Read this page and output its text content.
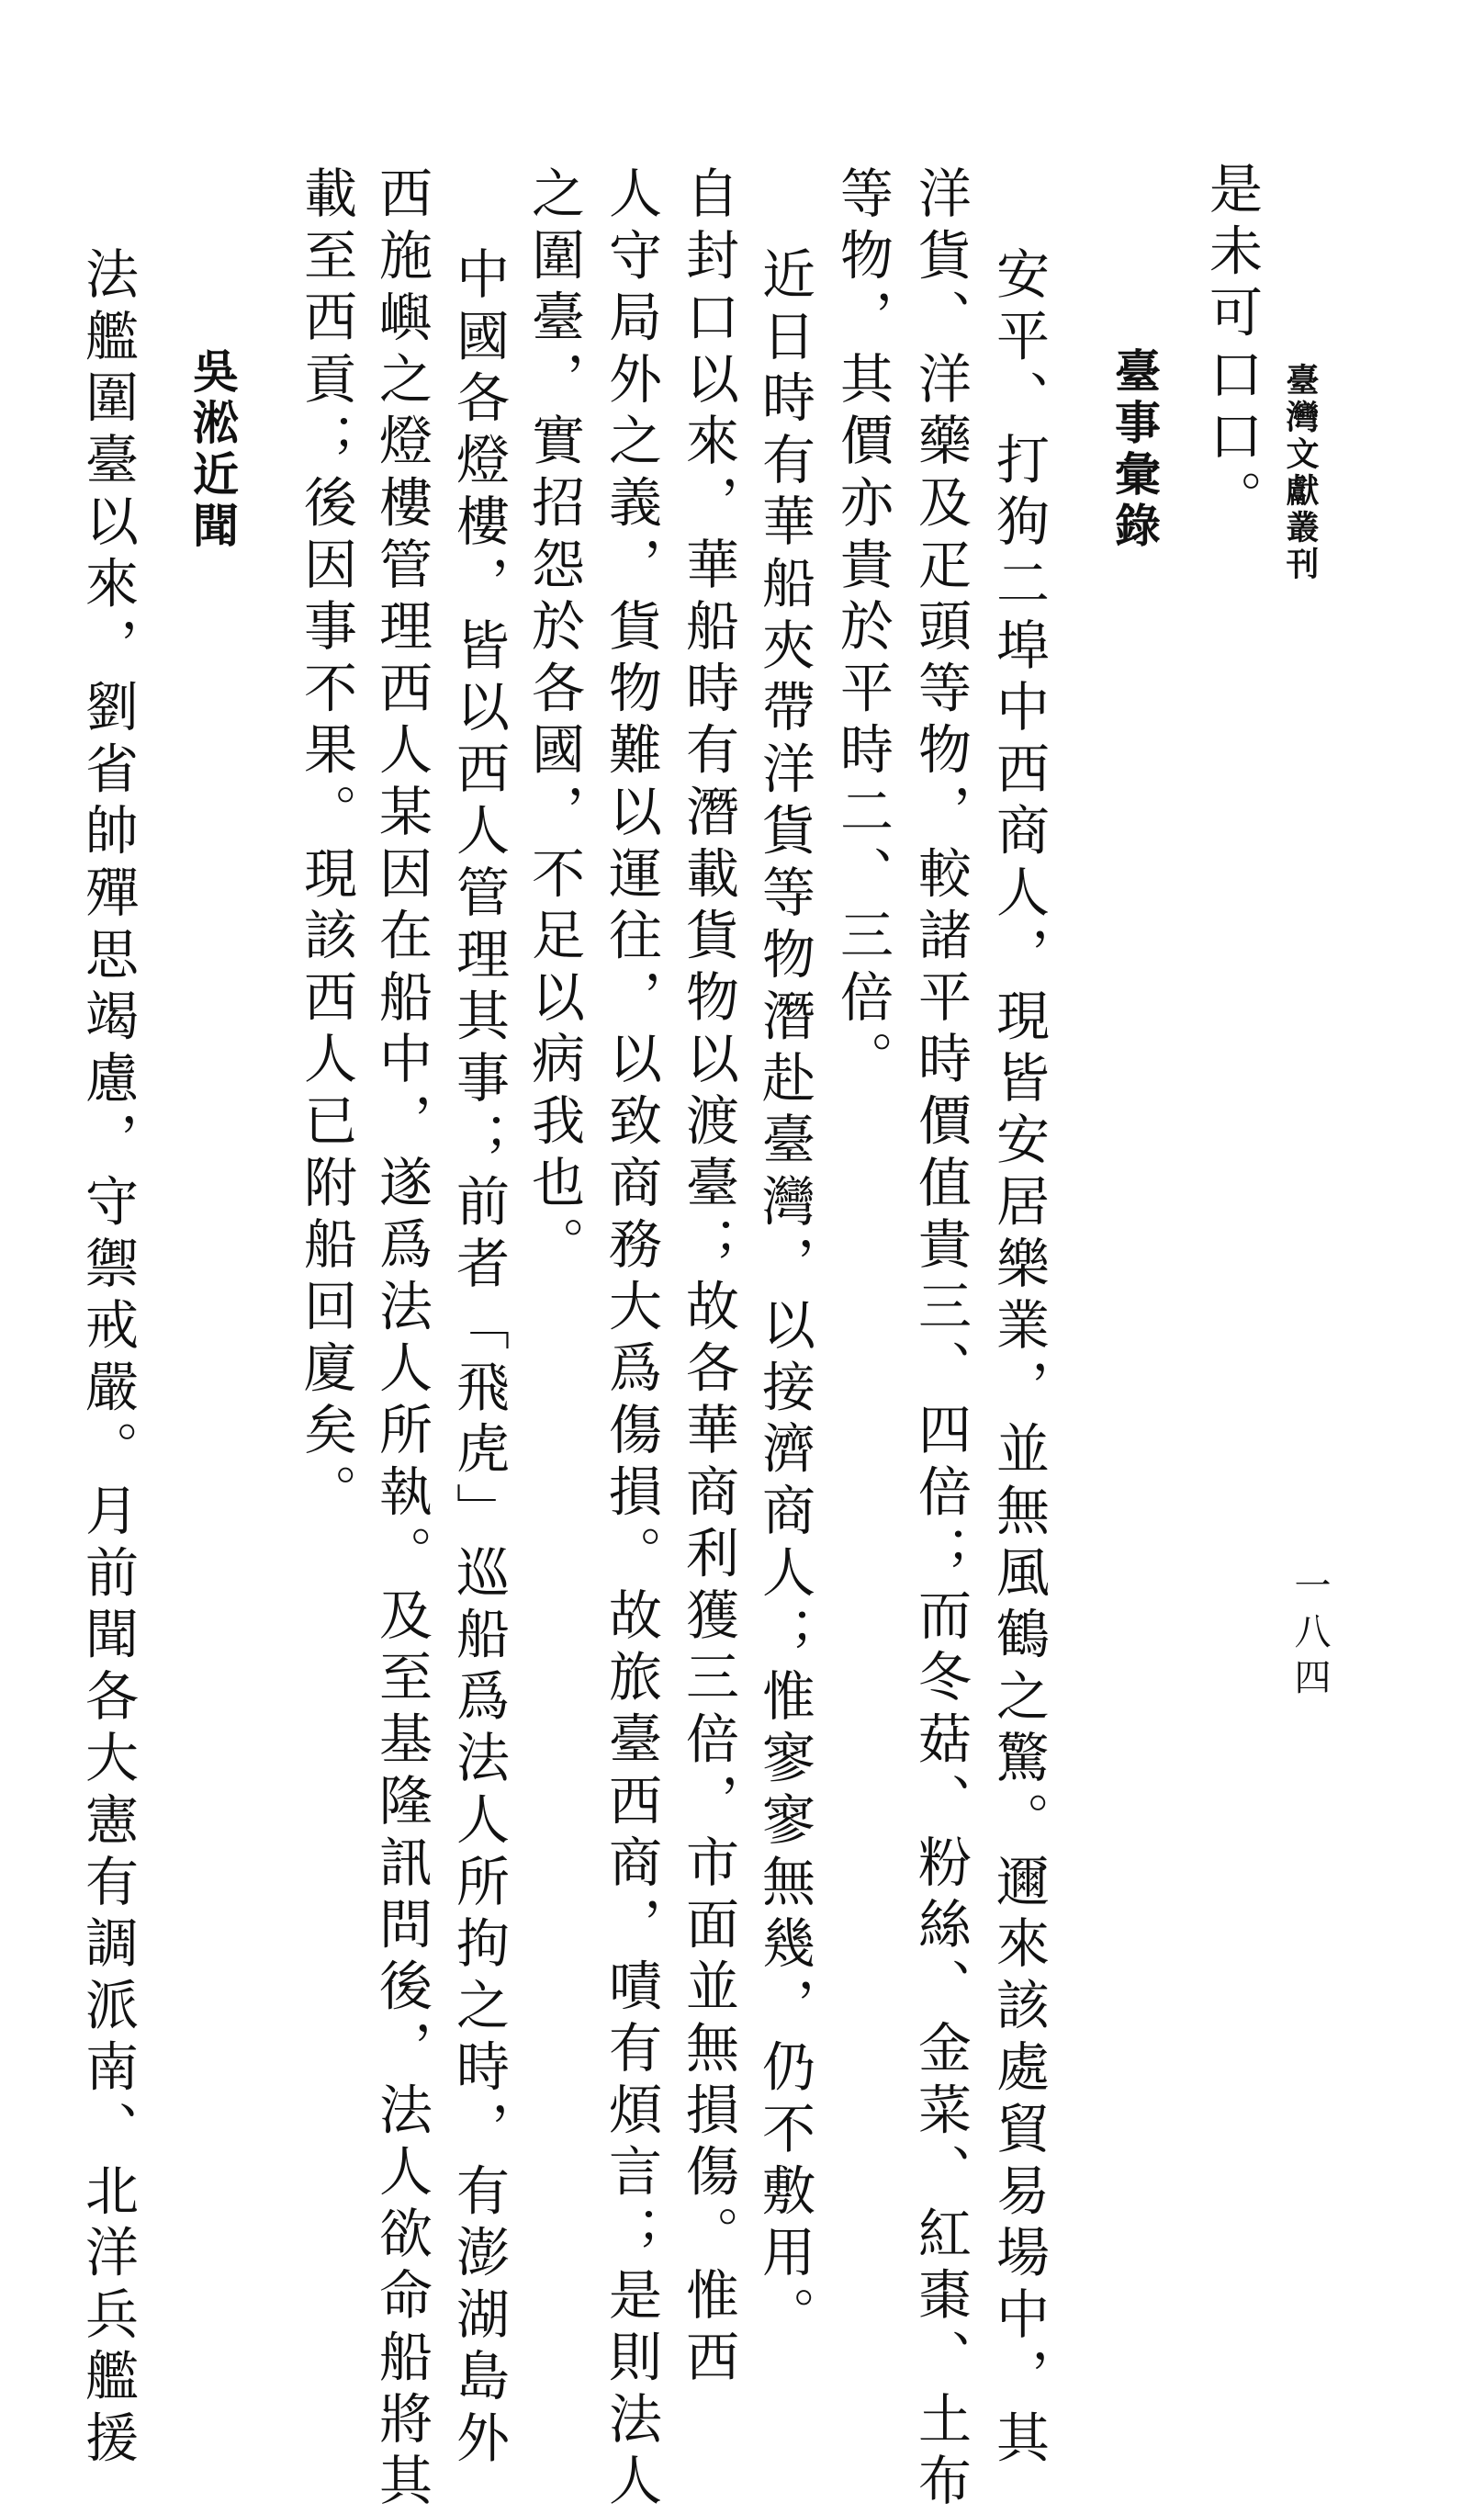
臺灣文獻叢刊
一八四
是未可口口。
臺事彙錄
安平、打狗二埠中西商人，現皆安居樂業，並無風鶴之驚。邇來該處貿易場中，其
洋貨、洋藥及疋頭等物，較諸平時價值貴三、四倍；而冬菇、粉絲、金菜、紅棗、土布
等物，其價亦貴於平時二、三倍。
近日時有華船夾帶洋貨等物潛赴臺灣，以接濟商人；惟寥寥無幾，仍不敷用。
自封口以來，華船時有潛載貨物以渡臺；故各華商利獲三倍，市面並無損傷。惟西
人守局外之義，貨物難以運往，以致商務大爲傷損。故旅臺西商，嘖有煩言；是則法人
之圍臺，實招怨於各國，不足以病我也。
中國各燈樓，皆以西人管理其事；前者「飛虎」巡船爲法人所拘之時，有澎湖島外
西施嶼之燈樓管理西人某因在船中，遂爲法人所執。及至基隆訊問後，法人欲命船將其
載至西貢；後因事不果。現該西人已附船回廈矣。
吳淞近聞
法艦圍臺以來，劉省帥殫思竭慮，守禦戒嚴。月前聞各大憲有調派南、北洋兵艦援
